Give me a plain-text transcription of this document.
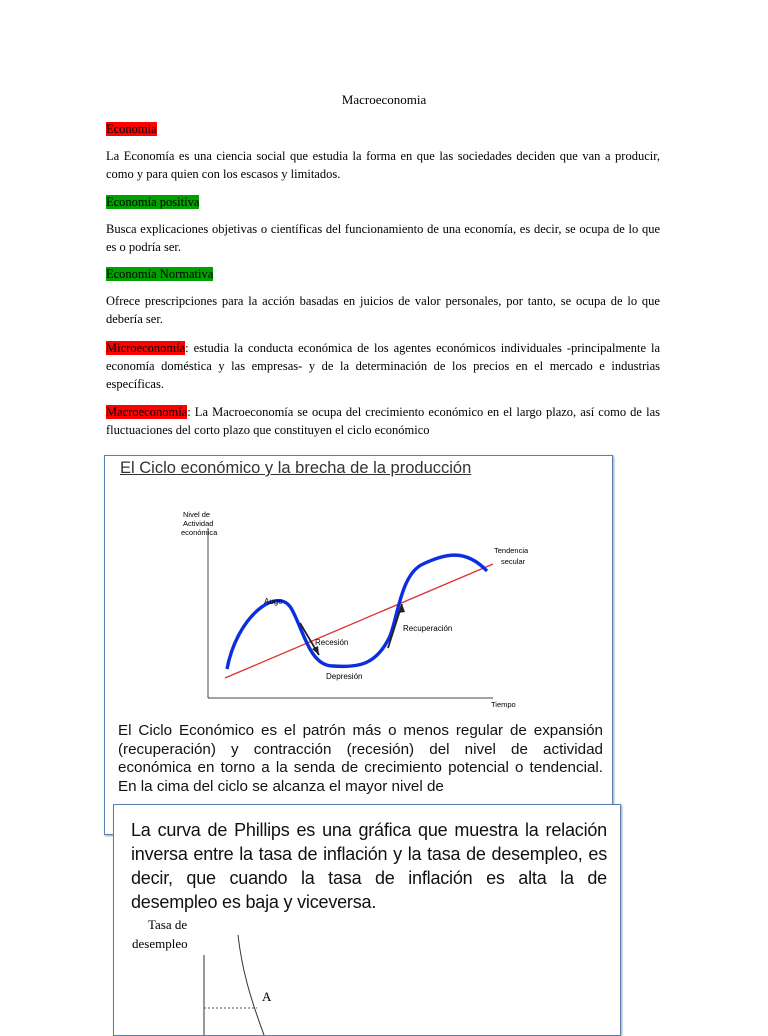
Macroeconomia
Economia
La Economía es una ciencia social que estudia la forma en que las sociedades deciden que van a producir, como y para quien con los escasos y limitados.
Economía positiva
Busca explicaciones objetivas o científicas del funcionamiento de una economía, es decir, se ocupa de lo que es o podría ser.
Economía Normativa
Ofrece prescripciones para la acción basadas en juicios de valor personales, por tanto, se ocupa de lo que debería ser.
Microeconomía: estudia la conducta económica de los agentes económicos individuales -principalmente la economía doméstica y las empresas- y de la determinación de los precios en el mercado e industrias específicas.
Macroeconomía: La Macroeconomía se ocupa del crecimiento económico en el largo plazo, así como de las fluctuaciones del corto plazo que constituyen el ciclo económico
El Ciclo económico y la brecha de la producción
Nivel de
Actividad
económica
Tendencia
secular
Auge
Recesión
Recuperación
Depresión
Tiempo
El Ciclo Económico es el patrón más o menos regular de expansión (recuperación) y contracción (recesión) del nivel de actividad económica en torno a la senda de crecimiento potencial o tendencial. En la cima del ciclo se alcanza el mayor nivel de
La curva de Phillips es una gráfica que muestra la relación inversa entre la tasa de inflación y la tasa de desempleo, es decir, que cuando la tasa de inflación es alta la de desempleo es baja y viceversa.
Tasa de
desempleo
A
